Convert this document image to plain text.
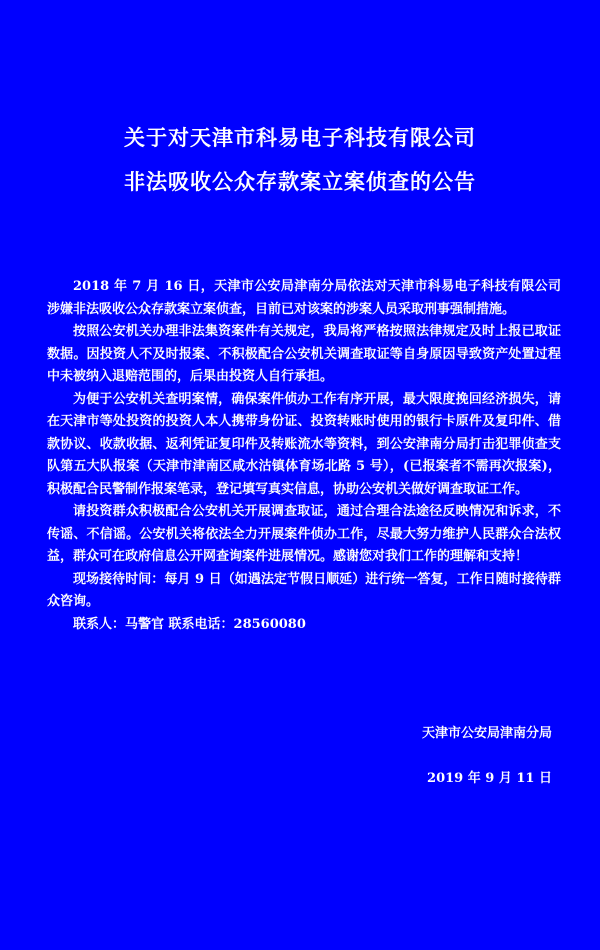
关于对天津市科易电子科技有限公司
非法吸收公众存款案立案侦查的公告

2018 年 7 月 16 日，天津市公安局津南分局依法对天津市科易电子科技有限公司涉嫌非法吸收公众存款案立案侦查，目前已对该案的涉案人员采取刑事强制措施。

按照公安机关办理非法集资案件有关规定，我局将严格按照法律规定及时上报已取证数据。因投资人不及时报案、不积极配合公安机关调查取证等自身原因导致资产处置过程中未被纳入退赔范围的，后果由投资人自行承担。

为便于公安机关查明案情，确保案件侦办工作有序开展，最大限度挽回经济损失，请在天津市等处投资的投资人本人携带身份证、投资转账时使用的银行卡原件及复印件、借款协议、收款收据、返利凭证复印件及转账流水等资料，到公安津南分局打击犯罪侦查支队第五大队报案（天津市津南区咸水沽镇体育场北路 5 号），(已报案者不需再次报案)，积极配合民警制作报案笔录，登记填写真实信息，协助公安机关做好调查取证工作。

请投资群众积极配合公安机关开展调查取证，通过合理合法途径反映情况和诉求，不传谣、不信谣。公安机关将依法全力开展案件侦办工作，尽最大努力维护人民群众合法权益，群众可在政府信息公开网查询案件进展情况。感谢您对我们工作的理解和支持！

现场接待时间：每月 9 日（如遇法定节假日顺延）进行统一答复，工作日随时接待群众咨询。

联系人：马警官 联系电话：28560080

天津市公安局津南分局
2019 年 9 月 11 日
